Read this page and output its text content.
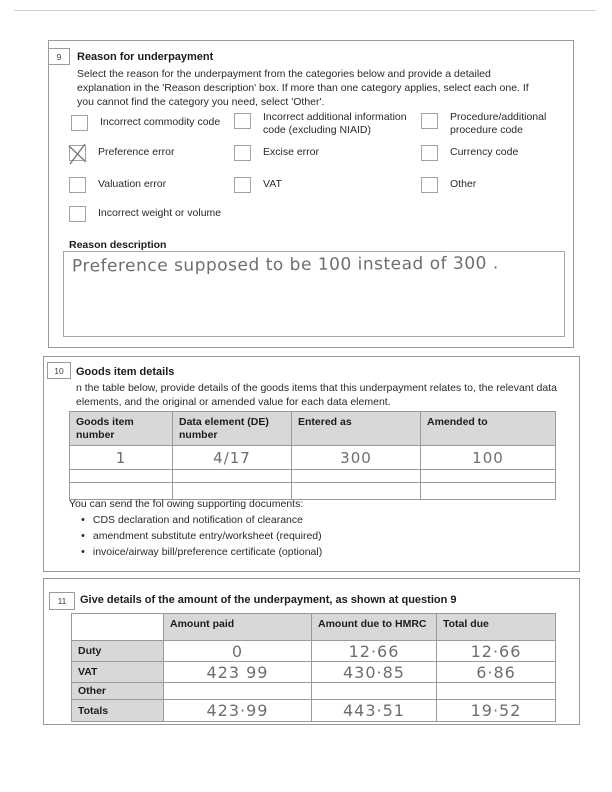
9	Reason for underpayment
Select the reason for the underpayment from the categories below and provide a detailed explanation in the 'Reason description' box. If more than one category applies, select each one. If you cannot find the category you need, select 'Other'.
Incorrect commodity code	Incorrect additional information code (excluding NIAID)
Procedure/additional procedure code
Preference error	Excise error	Currency code
Valuation error	VAT	Other
Incorrect weight or volume
Reason description
Preference supposed to be 100 instead of 300 .
10	Goods item details
n the table below, provide details of the goods items that this underpayment relates to, the relevant data elements, and the original or amended value for each data element.
Goods item number	Data element (DE) number	Entered as	Amended to
1	4/17	300	100

You can send the fol owing supporting documents:
•
CDS declaration and notification of clearance
•
amendment substitute entry/worksheet (required)
•
invoice/airway bill/preference certificate (optional)
11	Give details of the amount of the underpayment, as shown at question 9
	Amount paid	Amount due to HMRC	Total due
Duty	0	12·66	12·66
VAT	423 99	430·85	6·86
Other			
Totals	423·99	443·51	19·52
